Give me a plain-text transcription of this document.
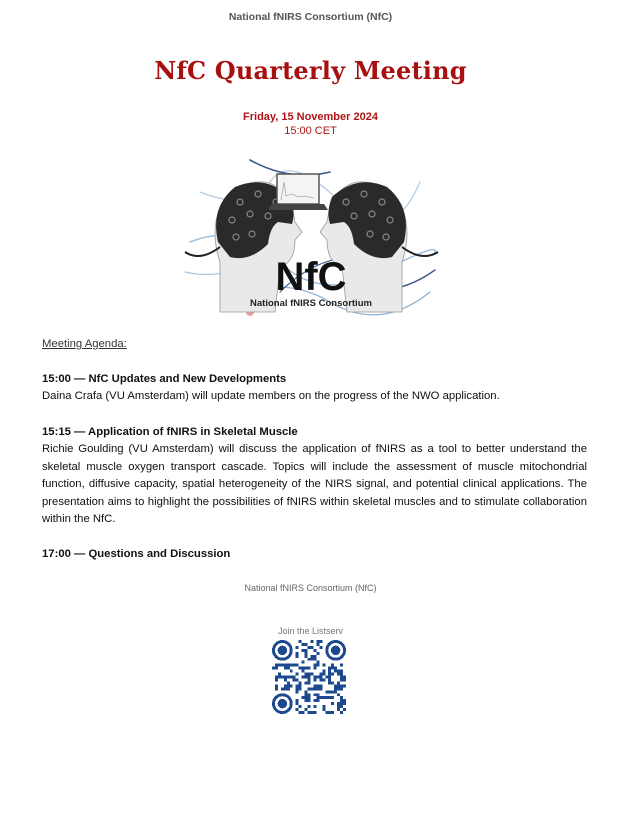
National fNIRS Consortium (NfC)
NfC Quarterly Meeting
Friday, 15 November 2024
15:00 CET
NfC
National fNIRS Consortium
Meeting Agenda:
15:00 — NfC Updates and New Developments
Daina Crafa (VU Amsterdam) will update members on the progress of the NWO application.
15:15 — Application of fNIRS in Skeletal Muscle
Richie Goulding (VU Amsterdam) will discuss the application of fNIRS as a tool to better understand the skeletal muscle oxygen transport cascade. Topics will include the assessment of muscle mitochondrial function, diffusive capacity, spatial heterogeneity of the NIRS signal, and potential clinical applications. The presentation aims to highlight the possibilities of fNIRS within skeletal muscles and to stimulate collaboration within the NfC.
17:00 — Questions and Discussion
National fNIRS Consortium (NfC)
Join the Listserv
